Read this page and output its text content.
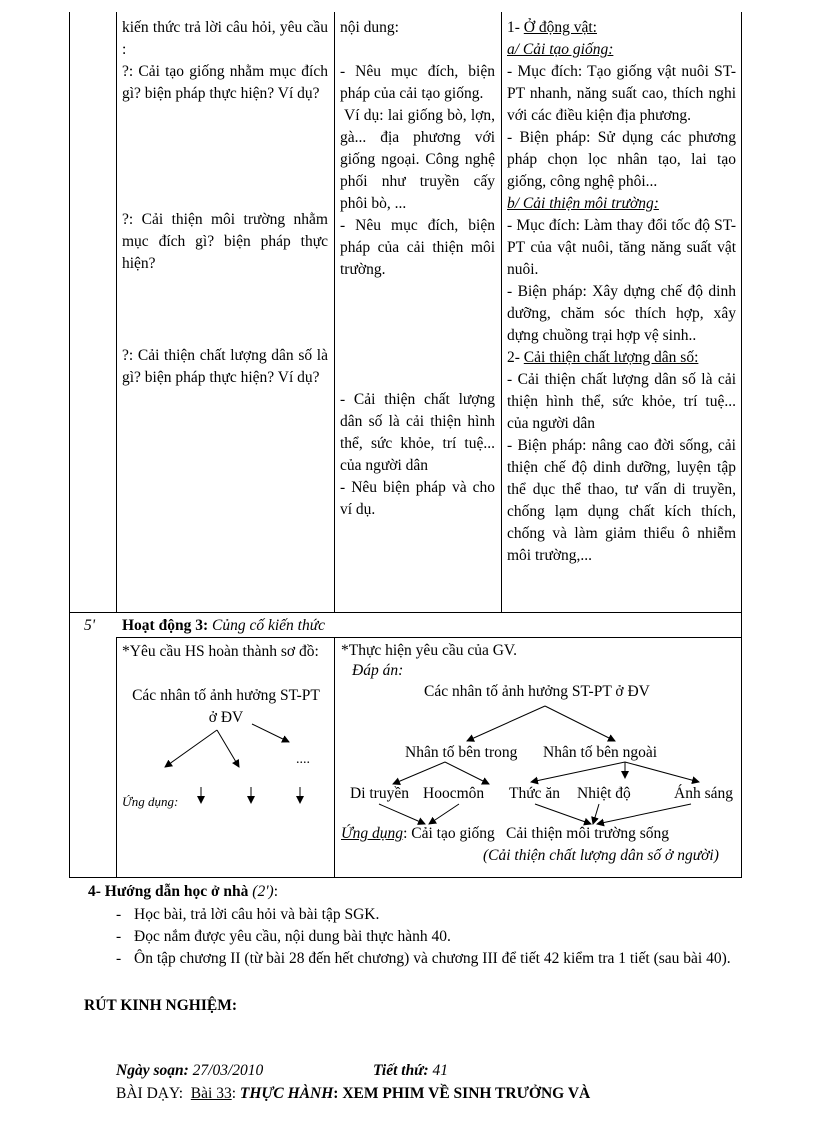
kiến thức trả lời câu hỏi, yêu cầu :

?: Cải tạo giống nhằm mục đích gì? biện pháp thực hiện? Ví dụ?

?: Cải thiện môi trường nhằm mục đích gì? biện pháp thực hiện?

?: Cải thiện chất lượng dân số là gì? biện pháp thực hiện? Ví dụ?

nội dung:

- Nêu mục đích, biện pháp của cải tạo giống.

Ví dụ: lai giống bò, lợn, gà... địa phương với giống ngoại. Công nghệ phối như truyền cấy phôi bò, ...

- Nêu mục đích, biện pháp của cải thiện môi trường.

- Cải thiện chất lượng dân số là cải thiện hình thể, sức khỏe, trí tuệ... của người dân

- Nêu biện pháp và cho ví dụ.

1- Ở động vật:

a/ Cải tạo giống:

- Mục đích: Tạo giống vật nuôi ST-PT nhanh, năng suất cao, thích nghi với các điều kiện địa phương.

- Biện pháp: Sử dụng các phương pháp chọn lọc nhân tạo, lai tạo giống, công nghệ phôi...

b/ Cải thiện môi trường:

- Mục đích: Làm thay đổi tốc độ ST-PT của vật nuôi, tăng năng suất vật nuôi.

- Biện pháp: Xây dựng chế độ dinh dưỡng, chăm sóc thích hợp, xây dựng chuồng trại hợp vệ sinh..

2- Cải thiện chất lượng dân số:

- Cải thiện chất lượng dân số là cải thiện hình thể, sức khỏe, trí tuệ... của người dân

- Biện pháp: nâng cao đời sống, cải thiện chế độ dinh dưỡng, luyện tập thể dục thể thao, tư vấn di truyền, chống lạm dụng chất kích thích, chống và làm giảm thiểu ô nhiễm môi trường,...

5' Hoạt động 3: Củng cố kiến thức
*Yêu cầu HS hoàn thành sơ đồ:
Các nhân tố ảnh hưởng ST-PT ở ĐV
....
Ứng dụng:
*Thực hiện yêu cầu của GV.
Đáp án:
Các nhân tố ảnh hưởng ST-PT ở ĐV
Nhân tố bên trong Nhân tố bên ngoài
Di truyền Hoocmôn Thức ăn Nhiệt độ	Ánh sáng
Ứng dụng: Cải tạo giống Cải thiện môi trường sống
(Cải thiện chất lượng dân số ở người)
4- Hướng dẫn học ở nhà (2'):
- Học bài, trả lời câu hỏi và bài tập SGK.
- Đọc nắm được yêu cầu, nội dung bài thực hành 40.
- Ôn tập chương II (từ bài 28 đến hết chương) và chương III để tiết 42 kiểm tra 1 tiết (sau bài 40).
RÚT KINH NGHIỆM:
Ngày soạn: 27/03/2010	Tiết thứ: 41
BÀI DẠY: Bài 33: THỰC HÀNH: XEM PHIM VỀ SINH TRƯỞNG VÀ
